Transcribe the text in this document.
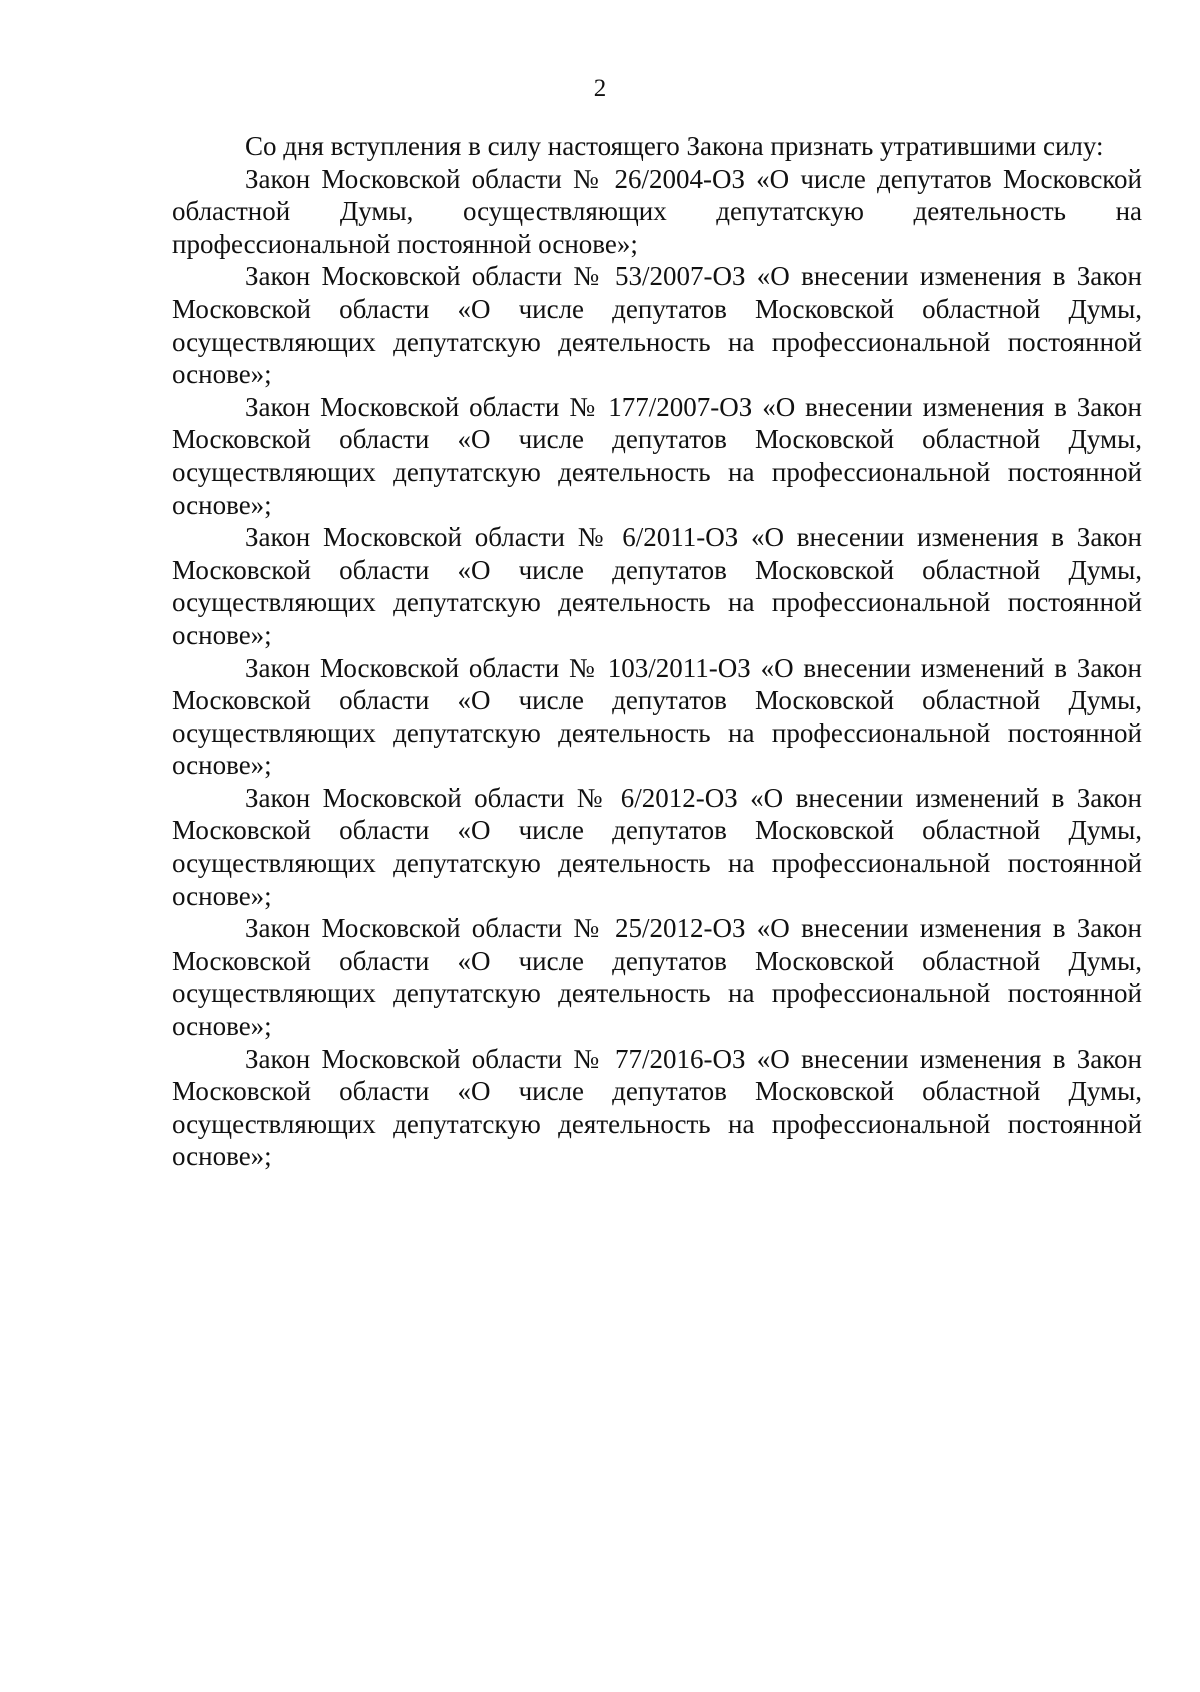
2

Со дня вступления в силу настоящего Закона признать утратившими силу:

Закон Московской области № 26/2004-ОЗ «О числе депутатов Московской областной Думы, осуществляющих депутатскую деятельность на профессиональной постоянной основе»;

Закон Московской области № 53/2007-ОЗ «О внесении изменения в Закон Московской области «О числе депутатов Московской областной Думы, осуществляющих депутатскую деятельность на профессиональной постоянной основе»;

Закон Московской области № 177/2007-ОЗ «О внесении изменения в Закон Московской области «О числе депутатов Московской областной Думы, осуществляющих депутатскую деятельность на профессиональной постоянной основе»;

Закон Московской области № 6/2011-ОЗ «О внесении изменения в Закон Московской области «О числе депутатов Московской областной Думы, осуществляющих депутатскую деятельность на профессиональной постоянной основе»;

Закон Московской области № 103/2011-ОЗ «О внесении изменений в Закон Московской области «О числе депутатов Московской областной Думы, осуществляющих депутатскую деятельность на профессиональной постоянной основе»;

Закон Московской области № 6/2012-ОЗ «О внесении изменений в Закон Московской области «О числе депутатов Московской областной Думы, осуществляющих депутатскую деятельность на профессиональной постоянной основе»;

Закон Московской области № 25/2012-ОЗ «О внесении изменения в Закон Московской области «О числе депутатов Московской областной Думы, осуществляющих депутатскую деятельность на профессиональной постоянной основе»;

Закон Московской области № 77/2016-ОЗ «О внесении изменения в Закон Московской области «О числе депутатов Московской областной Думы, осуществляющих депутатскую деятельность на профессиональной постоянной основе»;
